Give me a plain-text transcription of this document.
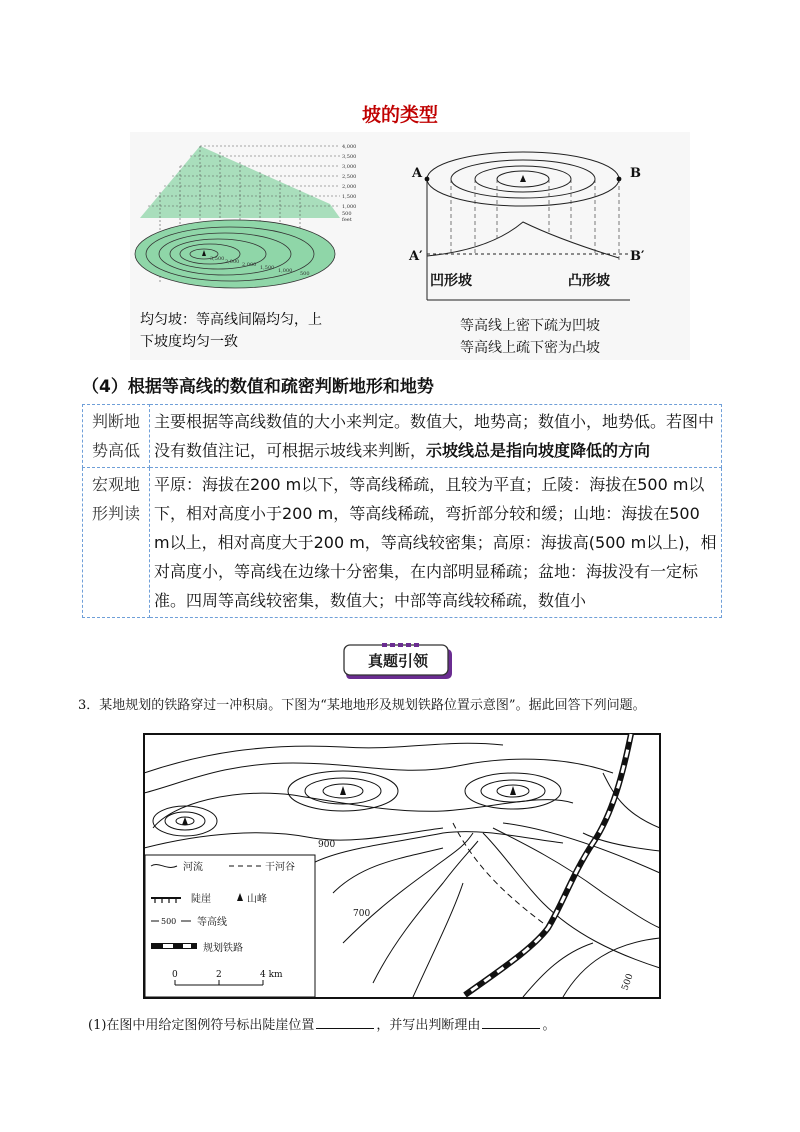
坡的类型
4,000
3,500
3,000
2,500
2,000
1,500
1,000
500
feet
3,500 3,000 2,000 1,500 1,000 500
均匀坡：等高线间隔均匀，上
下坡度均匀一致
A	B
A′	B′
凹形坡	凸形坡
等高线上密下疏为凹坡
等高线上疏下密为凸坡
（4）根据等高线的数值和疏密判断地形和地势
判断地势高低	主要根据等高线数值的大小来判定。数值大，地势高；数值小，地势低。若图中没有数值注记，可根据示坡线来判断，示坡线总是指向坡度降低的方向
宏观地形判读	平原：海拔在200 m以下，等高线稀疏，且较为平直；丘陵：海拔在500 m以下，相对高度小于200 m，等高线稀疏，弯折部分较和缓；山地：海拔在500 m以上，相对高度大于200 m，等高线较密集；高原：海拔高(500 m以上)，相对高度小，等高线在边缘十分密集，在内部明显稀疏；盆地：海拔没有一定标准。四周等高线较密集，数值大；中部等高线较稀疏，数值小
真题引领
3．某地规划的铁路穿过一冲积扇。下图为“某地地形及规划铁路位置示意图”。据此回答下列问题。
900
700
500
河流	干河谷
陡崖	山峰
500 等高线
规划铁路
0	2	4 km
(1)在图中用给定图例符号标出陡崖位置	，并写出判断理由	。
